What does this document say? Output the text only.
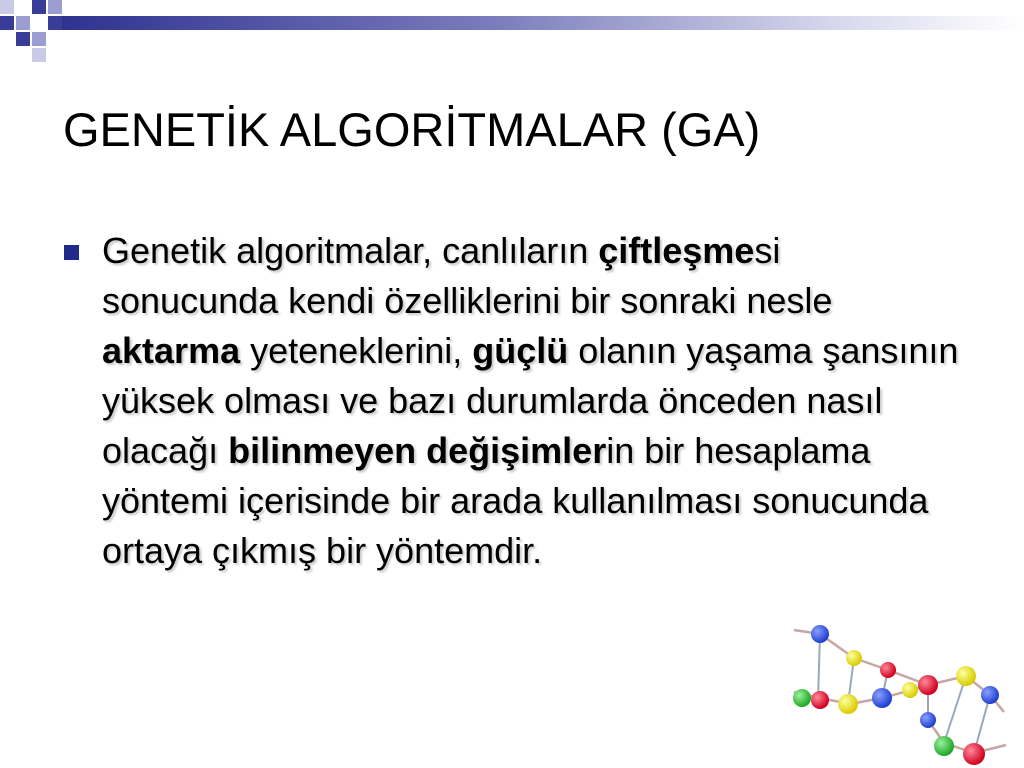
GENETİK ALGORİTMALAR (GA)

Genetik algoritmalar, canlıların çiftleşmesi sonucunda kendi özelliklerini bir sonraki nesle aktarma yeteneklerini, güçlü olanın yaşama şansının yüksek olması ve bazı durumlarda önceden nasıl olacağı bilinmeyen değişimlerin bir hesaplama yöntemi içerisinde bir arada kullanılması sonucunda ortaya çıkmış bir yöntemdir.
